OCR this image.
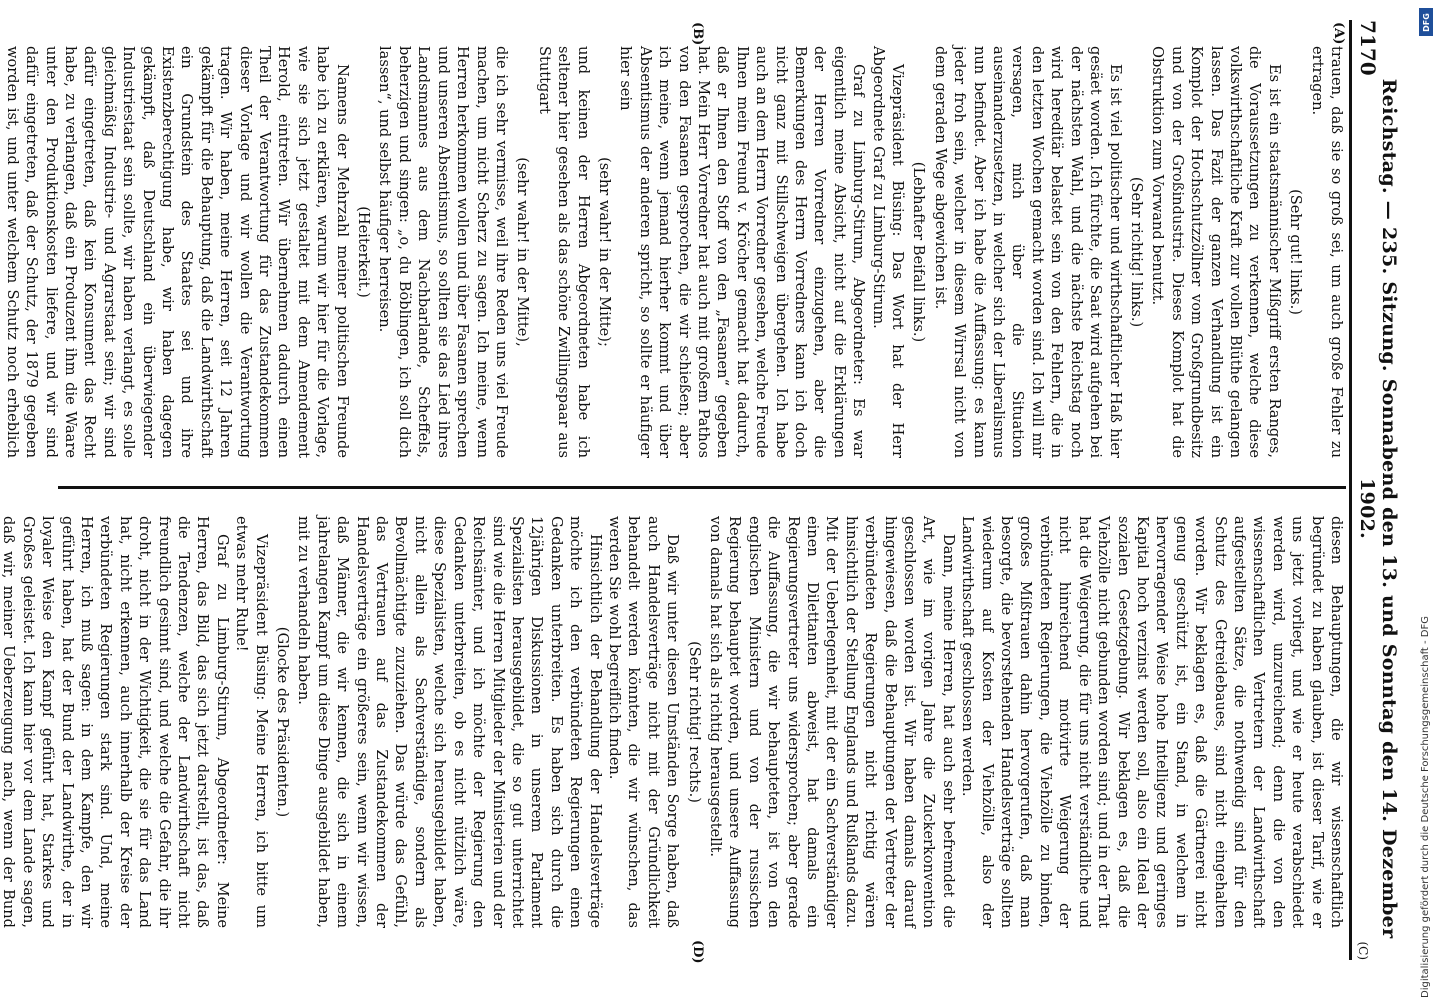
7170
Reichstag. — 235. Sitzung. Sonnabend den 13. und Sonntag den 14. Dezember 1902.
(C)
(A)
(B)
(D)

trauen, daß sie so groß sei, um auch große Fehler zu ertragen.

(Sehr gut! links.)

Es ist ein staatsmännischer Mißgriff ersten Ranges, die Voraussetzungen zu verkennen, welche diese volkswirthschaftliche Kraft zur vollen Blüthe gelangen lassen. Das Fazit der ganzen Verhandlung ist ein Komplot der Hochschutzzöllner vom Großgrundbesitz und von der Großindustrie. Dieses Komplot hat die Obstruktion zum Vorwand benutzt.

(Sehr richtig! links.)

Es ist viel politischer und wirthschaftlicher Haß hier gesäet worden. Ich fürchte, die Saat wird aufgehen bei der nächsten Wahl, und die nächste Reichstag noch wird hereditär belastet sein von den Fehlern, die in den letzten Wochen gemacht worden sind. Ich will mir versagen, mich über die Situation auseinanderzusetzen, in welcher sich der Liberalismus nun befindet. Aber ich habe die Auffassung: es kann jeder froh sein, welcher in diesem Wirrsal nicht von dem geraden Wege abgewichen ist.

(Lebhafter Beifall links.)

Vizepräsident Büsing: Das Wort hat der Herr Abgeordnete Graf zu Limburg-Stirum.

Graf zu Limburg-Stirum, Abgeordneter: Es war eigentlich meine Absicht, nicht auf die Erklärungen der Herren Vorredner einzugehen, aber die Bemerkungen des Herrn Vorredners kann ich doch nicht ganz mit Stillschweigen übergehen. Ich habe auch an dem Herrn Vorredner gesehen, welche Freude Ihnen mein Freund v. Kröcher gemacht hat dadurch, daß er Ihnen den Stoff von den „Fasanen“ gegeben hat. Mein Herr Vorredner hat auch mit großem Pathos von den Fasanen gesprochen, die wir schießen; aber ich meine, wenn jemand hierher kommt und über Absentismus der anderen spricht, so sollte er häufiger hier sein

(sehr wahr! in der Mitte);

und keinen der Herren Abgeordneten habe ich seltener hier gesehen als das schöne Zwillingspaar aus Stuttgart

(sehr wahr! in der Mitte),

die ich sehr vermisse, weil ihre Reden uns viel Freude machen, um nicht Scherz zu sagen. Ich meine, wenn Herren herkommen wollen und über Fasanen sprechen und unseren Absentismus, so sollten sie das Lied ihres Landsmannes aus dem Nachbarlande, Scheffels, beherzigen und singen: „o, du Böblingen, ich soll dich lassen“, und selbst häufiger herreisen.

(Heiterkeit.)

Namens der Mehrzahl meiner politischen Freunde habe ich zu erklären, warum wir hier für die Vorlage, wie sie sich jetzt gestaltet mit dem Amendement Herold, eintreten. Wir übernehmen dadurch einen Theil der Verantwortung für das Zustandekommen dieser Vorlage und wir wollen die Verantwortung tragen. Wir haben, meine Herren, seit 12 Jahren gekämpft für die Behauptung, daß die Landwirthschaft ein Grundstein des Staates sei und ihre Existenzberechtigung habe, wir haben dagegen gekämpft, daß Deutschland ein überwiegender Industriestaat sein sollte, wir haben verlangt, es solle gleichmäßig Industrie- und Agrarstaat sein; wir sind dafür eingetreten, daß kein Konsument das Recht habe, zu verlangen, daß ein Produzent ihm die Waare unter den Produktionskosten liefere, und wir sind dafür eingetreten, daß der Schutz, der 1879 gegeben worden ist, und unter welchem Schutz noch erheblich

diesen Behauptungen, die wir wissenschaftlich begründet zu haben glauben, ist dieser Tarif, wie er uns jetzt vorliegt, und wie er heute verabschiedet werden wird, unzureichend; denn die von den wissenschaftlichen Vertretern der Landwirthschaft aufgestellten Sätze, die nothwendig sind für den Schutz des Getreidebaues, sind nicht eingehalten worden. Wir beklagen es, daß die Gärtnerei nicht genug geschützt ist, ein Stand, in welchem in hervorragender Weise hohe Intelligenz und geringes Kapital hoch verzinst werden soll, also ein Ideal der sozialen Gesetzgebung. Wir beklagen es, daß die Viehzölle nicht gebunden worden sind; und in der That hat die Weigerung, die für uns nicht verständliche und nicht hinreichend motivirte Weigerung der verbündeten Regierungen, die Viehzölle zu binden, großes Mißtrauen dahin hervorgerufen, daß man besorgte, die bevorstehenden Handelsverträge sollten wiederum auf Kosten der Viehzölle, also der Landwirthschaft geschlossen werden.

Dann, meine Herren, hat auch sehr befremdet die Art, wie im vorigen Jahre die Zuckerkonvention geschlossen worden ist. Wir haben damals darauf hingewiesen, daß die Behauptungen der Vertreter der verbündeten Regierungen nicht richtig wären hinsichtlich der Stellung Englands und Rußlands dazu. Mit der Ueberlegenheit, mit der ein Sachverständiger einen Dilettanten abweist, hat damals ein Regierungsvertreter uns widersprochen; aber gerade die Auffassung, die wir behaupteten, ist von den englischen Ministern und von der russischen Regierung behauptet worden, und unsere Auffassung von damals hat sich als richtig herausgestellt.

(Sehr richtig! rechts.)

Daß wir unter diesen Umständen Sorge haben, daß auch Handelsverträge nicht mit der Gründlichkeit behandelt werden könnten, die wir wünschen, das werden Sie wohl begreiflich finden.

Hinsichtlich der Behandlung der Handelsverträge möchte ich den verbündeten Regierungen einen Gedanken unterbreiten. Es haben sich durch die 12jährigen Diskussionen in unserem Parlament Spezialisten herausgebildet, die so gut unterrichtet sind wie die Herren Mitglieder der Ministerien und der Reichsämter, und ich möchte der Regierung den Gedanken unterbreiten, ob es nicht nützlich wäre, diese Spezialisten, welche sich herausgebildet haben, nicht allein als Sachverständige, sondern als Bevollmächtigte zuzuziehen. Das würde das Gefühl, das Vertrauen auf das Zustandekommen der Handelsverträge ein größeres sein, wenn wir wissen, daß Männer, die wir kennen, die sich in einem jahrelangen Kampf um diese Dinge ausgebildet haben, mit zu verhandeln haben.

(Glocke des Präsidenten.)

Vizepräsident Büsing: Meine Herren, ich bitte um etwas mehr Ruhe!

Graf zu Limburg-Stirum, Abgeordneter: Meine Herren, das Bild, das sich jetzt darstellt, ist das, daß die Tendenzen, welche der Landwirthschaft nicht freundlich gesinnt sind, und welche die Gefahr, die ihr droht, nicht in der Wichtigkeit, die sie für das Land hat, nicht erkennen, auch innerhalb der Kreise der verbündeten Regierungen stark sind. Und, meine Herren, ich muß sagen: in dem Kampfe, den wir geführt haben, hat der Bund der Landwirthe, der in loyaler Weise den Kampf geführt hat, Starkes und Großes geleistet. Ich kann hier vor dem Lande sagen, daß wir, meiner Ueberzeugung nach, wenn der Bund

DFG
Digitalisierung gefördert durch die Deutsche Forschungsgemeinschaft - DFG
